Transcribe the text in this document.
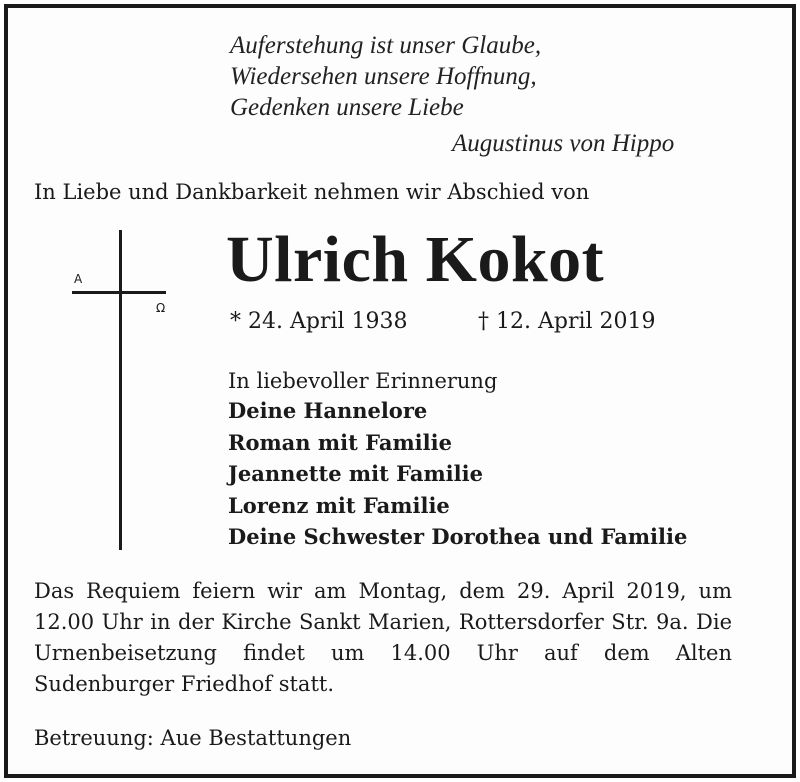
Auferstehung ist unser Glaube,
Wiedersehen unsere Hoffnung,
Gedenken unsere Liebe
Augustinus von Hippo
In Liebe und Dankbarkeit nehmen wir Abschied von
A
Ω
Ulrich Kokot
* 24. April 1938	† 12. April 2019
In liebevoller Erinnerung
Deine Hannelore
Roman mit Familie
Jeannette mit Familie
Lorenz mit Familie
Deine Schwester Dorothea und Familie
Das Requiem feiern wir am Montag, dem 29. April 2019, um 12.00 Uhr in der Kirche Sankt Marien, Rottersdorfer Str. 9a. Die Urnenbeisetzung findet um 14.00 Uhr auf dem Alten Sudenburger Friedhof statt.
Betreuung: Aue Bestattungen
